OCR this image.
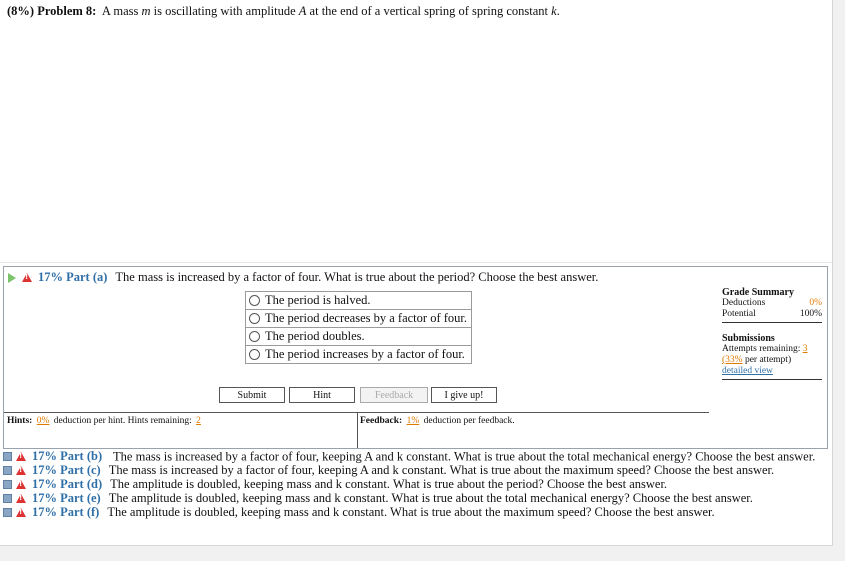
(8%) Problem 8: A mass m is oscillating with amplitude A at the end of a vertical spring of spring constant k.
!
17% Part (a) The mass is increased by a factor of four. What is true about the period? Choose the best answer.
The period is halved.
The period decreases by a factor of four.
The period doubles.
The period increases by a factor of four.
Submit	Hint	Feedback	I give up!
Hints: 0% deduction per hint. Hints remaining: 2	Feedback: 1% deduction per feedback.
Grade Summary
Deductions	0%
Potential	100%
Submissions
Attempts remaining:
3
(33%
per attempt)
detailed view
!
17% Part (b) The mass is increased by a factor of four, keeping A and k constant. What is true about the total mechanical energy? Choose the best answer.
!
17% Part (c) The mass is increased by a factor of four, keeping A and k constant. What is true about the maximum speed? Choose the best answer.
!
17% Part (d) The amplitude is doubled, keeping mass and k constant. What is true about the period? Choose the best answer.
!
17% Part (e) The amplitude is doubled, keeping mass and k constant. What is true about the total mechanical energy? Choose the best answer.
!
17% Part (f) The amplitude is doubled, keeping mass and k constant. What is true about the maximum speed? Choose the best answer.
